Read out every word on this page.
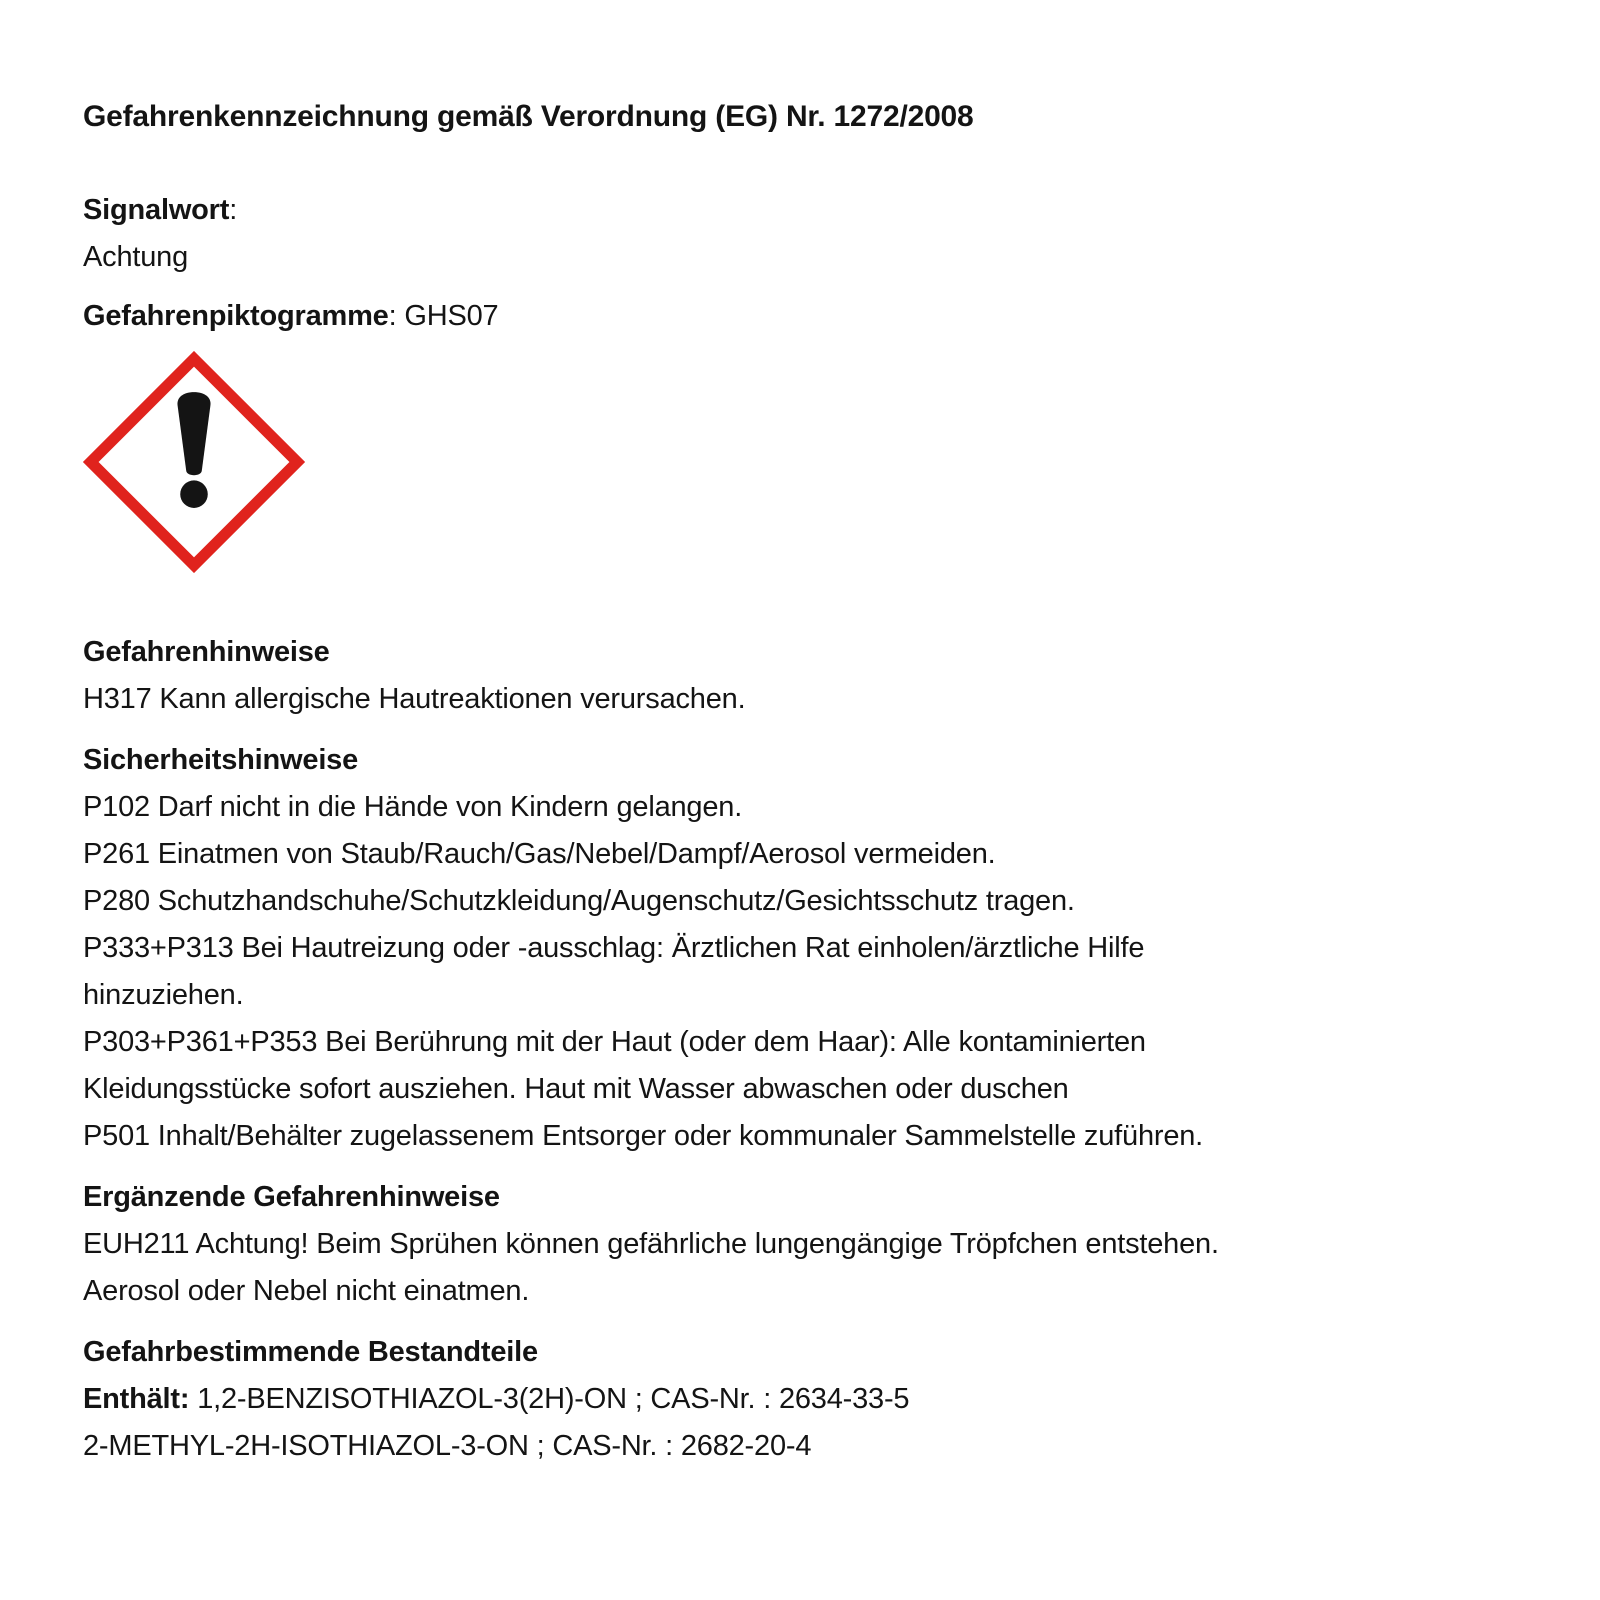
Gefahrenkennzeichnung gemäß Verordnung (EG) Nr. 1272/2008
Signalwort:
Achtung
Gefahrenpiktogramme: GHS07
Gefahrenhinweise
H317 Kann allergische Hautreaktionen verursachen.
Sicherheitshinweise
P102 Darf nicht in die Hände von Kindern gelangen.
P261 Einatmen von Staub/Rauch/Gas/Nebel/Dampf/Aerosol vermeiden.
P280 Schutzhandschuhe/Schutzkleidung/Augenschutz/Gesichtsschutz tragen.
P333+P313 Bei Hautreizung oder -ausschlag: Ärztlichen Rat einholen/ärztliche Hilfe
hinzuziehen.
P303+P361+P353 Bei Berührung mit der Haut (oder dem Haar): Alle kontaminierten
Kleidungsstücke sofort ausziehen. Haut mit Wasser abwaschen oder duschen
P501 Inhalt/Behälter zugelassenem Entsorger oder kommunaler Sammelstelle zuführen.
Ergänzende Gefahrenhinweise
EUH211 Achtung! Beim Sprühen können gefährliche lungengängige Tröpfchen entstehen.
Aerosol oder Nebel nicht einatmen.
Gefahrbestimmende Bestandteile
Enthält: 1,2-BENZISOTHIAZOL-3(2H)-ON ; CAS-Nr. : 2634-33-5
2-METHYL-2H-ISOTHIAZOL-3-ON ; CAS-Nr. : 2682-20-4
